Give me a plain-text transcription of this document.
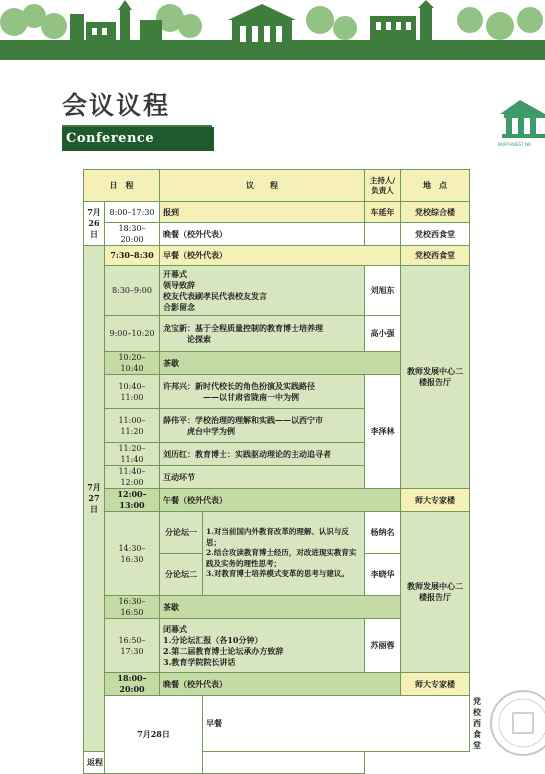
会议议程
Conference Agenda
NORTHWEST NO
日　程		议　　程		主持人/负责人	地　点	
7月26日	8:00–17:30	报到		车延年	党校综合楼	
	18:30–20:00	晚餐（校外代表）			党校西食堂	
7月27日	7:30–8:30	早餐（校外代表）			党校西食堂	
	8:30–9:00	开幕式
领导致辞
校友代表刷孝民代表校友发言
合影留念		刘旭东	教师发展中心二楼报告厅	
	9:00–10:20	龙宝新：基于全程质量控制的教育博士培养理
论探索		高小强		
	10:20–10:40	茶歇				
	10:40–11:00	许邦兴：新时代校长的角色扮演及实践路径
——以甘肃省陇南一中为例		李泽林		
	11:00–11:20	薛伟平：学校治理的理解和实践——以西宁市
虎台中学为例				

	11:20–11:40	刘历红：教育博士：实践驱动理论的主动追寻者				
	11:40–12:00	互动环节				
	12:00–13:00	午餐（校外代表）			师大专家楼	
	14:30–16:30	分论坛一	1.对当前国内外教育改革的理解、认识与反思；
2.结合攻读教育博士经历，对改进现实教育实践及实务的理性思考；
3.对教育博士培养模式变革的思考与建议。	杨纳名	教师发展中心二楼报告厅	
		分论坛二		李晓华		
	16:30–16:50	茶歇				
	16:50–17:30	闭幕式
1.分论坛汇报（各10分钟）
2.第二届教育博士论坛承办方致辞
3.教育学院院长讲话		苏丽蓉		
	18:00–20:00	晚餐（校外代表）			师大专家楼	
	7月28日		早餐			党校西食堂
返程						
